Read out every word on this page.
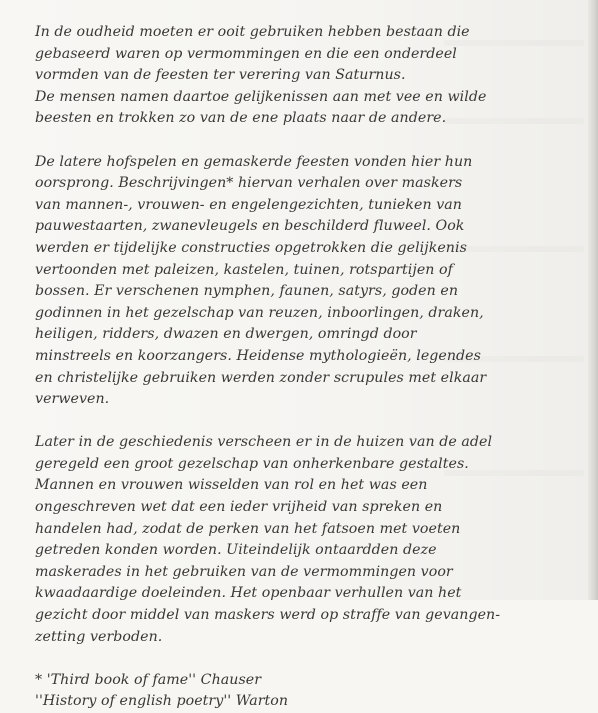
In de oudheid moeten er ooit gebruiken hebben bestaan die
gebaseerd waren op vermommingen en die een onderdeel
vormden van de feesten ter verering van Saturnus.
De mensen namen daartoe gelijkenissen aan met vee en wilde
beesten en trokken zo van de ene plaats naar de andere.
De latere hofspelen en gemaskerde feesten vonden hier hun
oorsprong. Beschrijvingen* hiervan verhalen over maskers
van mannen-, vrouwen- en engelengezichten, tunieken van
pauwestaarten, zwanevleugels en beschilderd fluweel. Ook
werden er tijdelijke constructies opgetrokken die gelijkenis
vertoonden met paleizen, kastelen, tuinen, rotspartijen of
bossen. Er verschenen nymphen, faunen, satyrs, goden en
godinnen in het gezelschap van reuzen, inboorlingen, draken,
heiligen, ridders, dwazen en dwergen, omringd door
minstreels en koorzangers. Heidense mythologieën, legendes
en christelijke gebruiken werden zonder scrupules met elkaar
verweven.
Later in de geschiedenis verscheen er in de huizen van de adel
geregeld een groot gezelschap van onherkenbare gestaltes.
Mannen en vrouwen wisselden van rol en het was een
ongeschreven wet dat een ieder vrijheid van spreken en
handelen had, zodat de perken van het fatsoen met voeten
getreden konden worden. Uiteindelijk ontaardden deze
maskerades in het gebruiken van de vermommingen voor
kwaadaardige doeleinden. Het openbaar verhullen van het
gezicht door middel van maskers werd op straffe van gevangen-
zetting verboden.
* 'Third book of fame'' Chauser
''History of english poetry'' Warton
